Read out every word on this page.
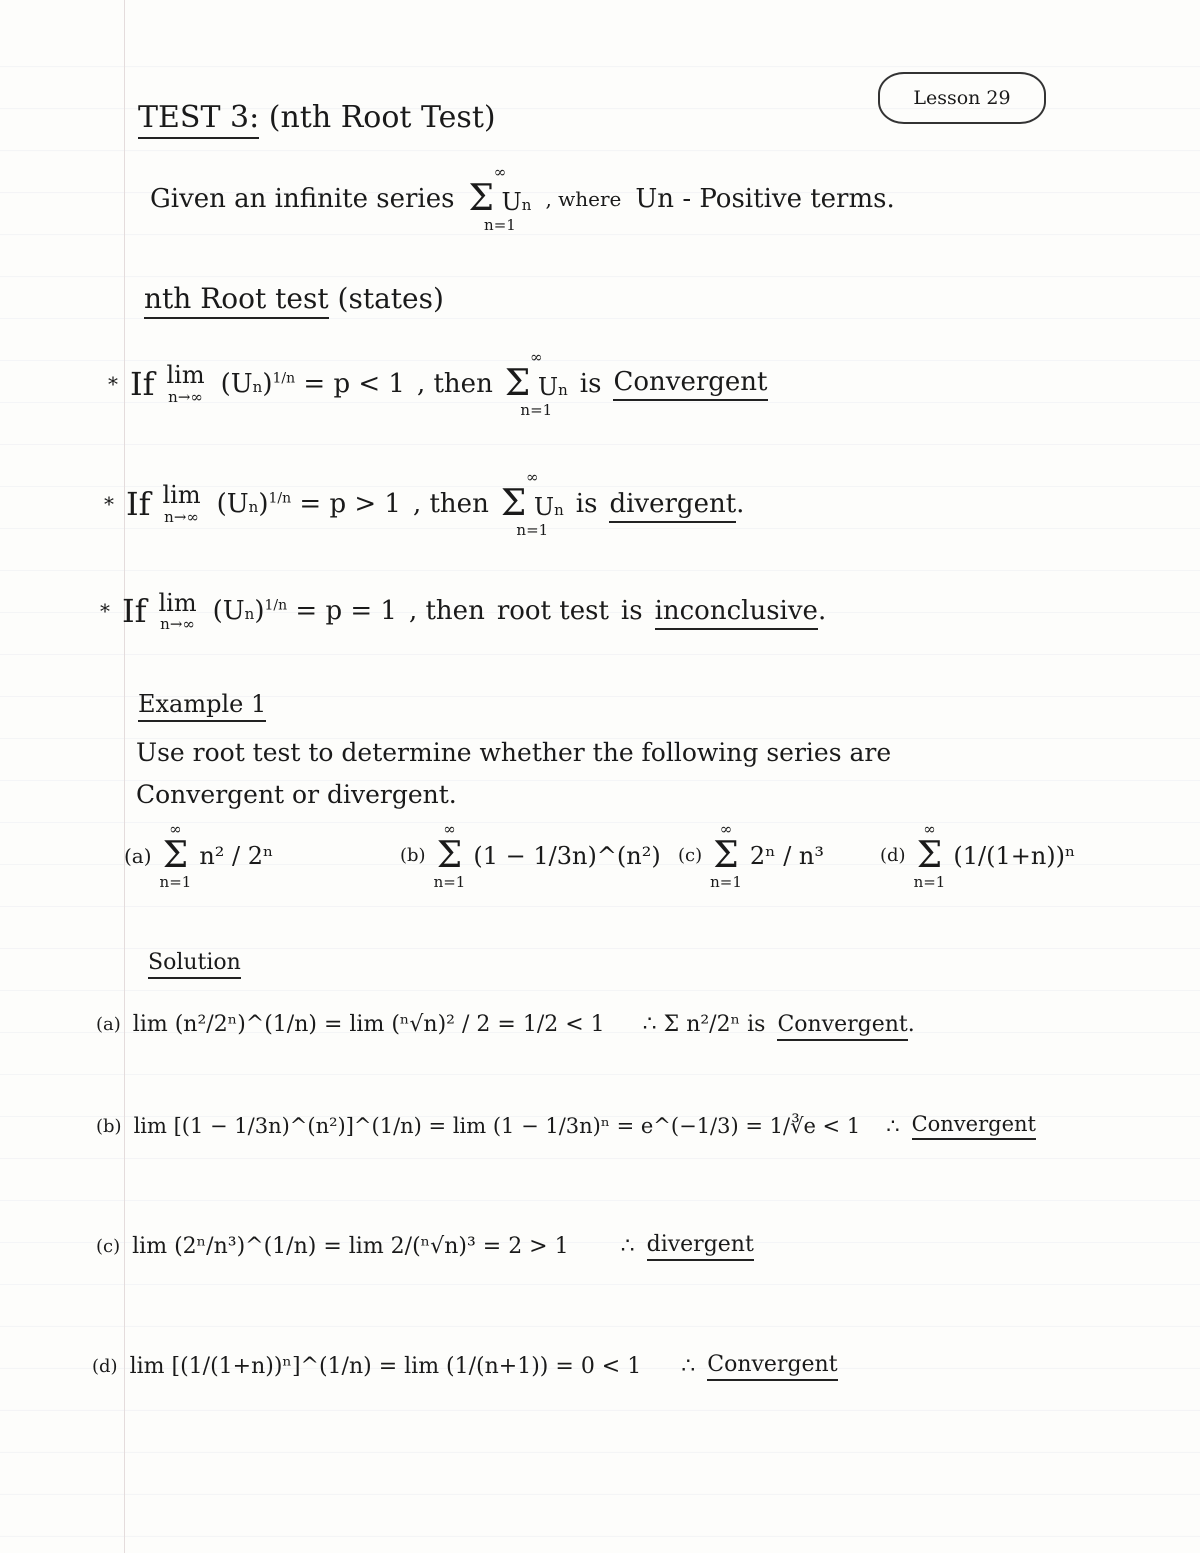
Lesson 29
TEST 3: (nth Root Test)
Given an infinite series
∞
Σ Un
n=1
, where Un - Positive terms.
nth Root test (states)
* If lim
n→∞ $(Un)^{1/n} = p < 1$ , then
∞
Σ Un
n=1
is Convergent
* If lim
n→∞ $(Un)^{1/n} = p > 1$ , then
∞
Σ Un
n=1
is divergent.
* If lim
n→∞ $(Un)^{1/n} = p = 1$ , then root test is inconclusive.
Example 1
Use root test to determine whether the following series are
Convergent or divergent.
(a)
∞
Σ
n=1
n² / 2ⁿ	(b)
∞
Σ
n=1
(1 − 1/3n)^(n²) (c)
∞
Σ
n=1
2ⁿ / n³	(d)
∞
Σ
n=1
(1/(1+n))ⁿ
Solution
(a) lim (n²/2ⁿ)^(1/n) = lim (ⁿ√n)² / 2 = 1/2 < 1 ∴ Σ n²/2ⁿ is Convergent.
(b) lim [(1 − 1/3n)^(n²)]^(1/n) = lim (1 − 1/3n)ⁿ = e^(−1/3) = 1/∛e < 1 ∴ Convergent
(c) lim (2ⁿ/n³)^(1/n) = lim 2/(ⁿ√n)³ = 2 > 1 ∴ divergent
(d) lim [(1/(1+n))ⁿ]^(1/n) = lim (1/(n+1)) = 0 < 1 ∴ Convergent
